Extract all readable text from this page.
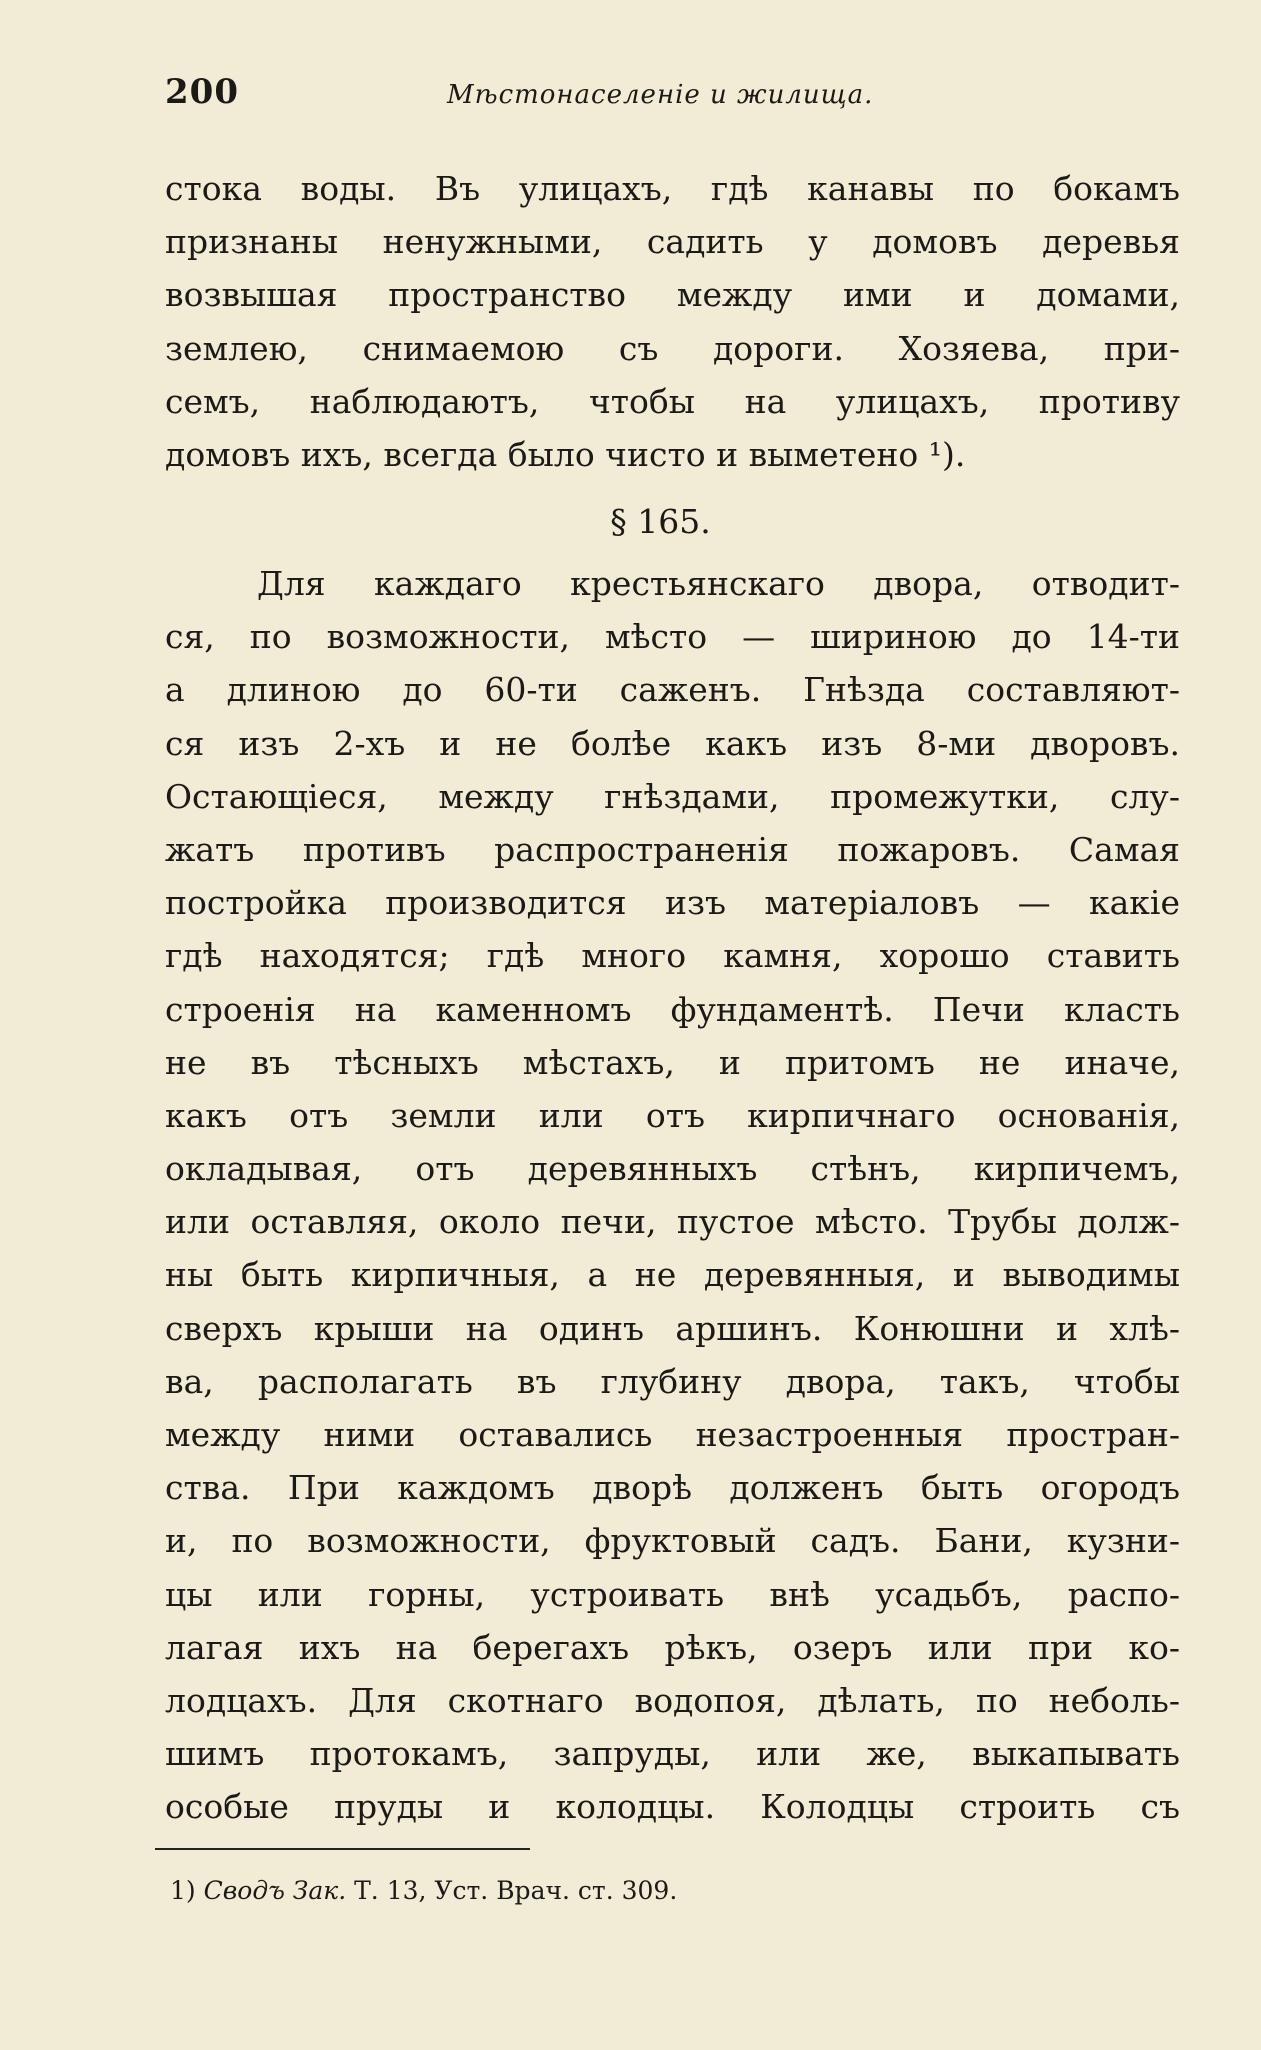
200	Мѣстонаселеніе и жилища.
стока воды. Въ улицахъ, гдѣ канавы по бокамъ
признаны ненужными, садить у домовъ деревья
возвышая пространство между ими и домами,
землею, снимаемою съ дороги. Хозяева, при-
семъ, наблюдаютъ, чтобы на улицахъ, противу
домовъ ихъ, всегда было чисто и выметено ¹).
§ 165.
Для каждаго крестьянскаго двора, отводит-
ся, по возможности, мѣсто — шириною до 14-ти
а длиною до 60-ти саженъ. Гнѣзда составляют-
ся изъ 2-хъ и не болѣе какъ изъ 8-ми дворовъ.
Остающіеся, между гнѣздами, промежутки, слу-
жатъ противъ распространенія пожаровъ. Самая
постройка производится изъ матеріаловъ — какіе
гдѣ находятся; гдѣ много камня, хорошо ставить
строенія на каменномъ фундаментѣ. Печи класть
не въ тѣсныхъ мѣстахъ, и притомъ не иначе,
какъ отъ земли или отъ кирпичнаго основанія,
окладывая, отъ деревянныхъ стѣнъ, кирпичемъ,
или оставляя, около печи, пустое мѣсто. Трубы долж-
ны быть кирпичныя, а не деревянныя, и выводимы
сверхъ крыши на одинъ аршинъ. Конюшни и хлѣ-
ва, располагать въ глубину двора, такъ, чтобы
между ними оставались незастроенныя простран-
ства. При каждомъ дворѣ долженъ быть огородъ
и, по возможности, фруктовый садъ. Бани, кузни-
цы или горны, устроивать внѣ усадьбъ, распо-
лагая ихъ на берегахъ рѣкъ, озеръ или при ко-
лодцахъ. Для скотнаго водопоя, дѣлать, по неболь-
шимъ протокамъ, запруды, или же, выкапывать
особые пруды и колодцы. Колодцы строить съ
1) Сводъ Зак. Т. 13, Уст. Врач. ст. 309.
